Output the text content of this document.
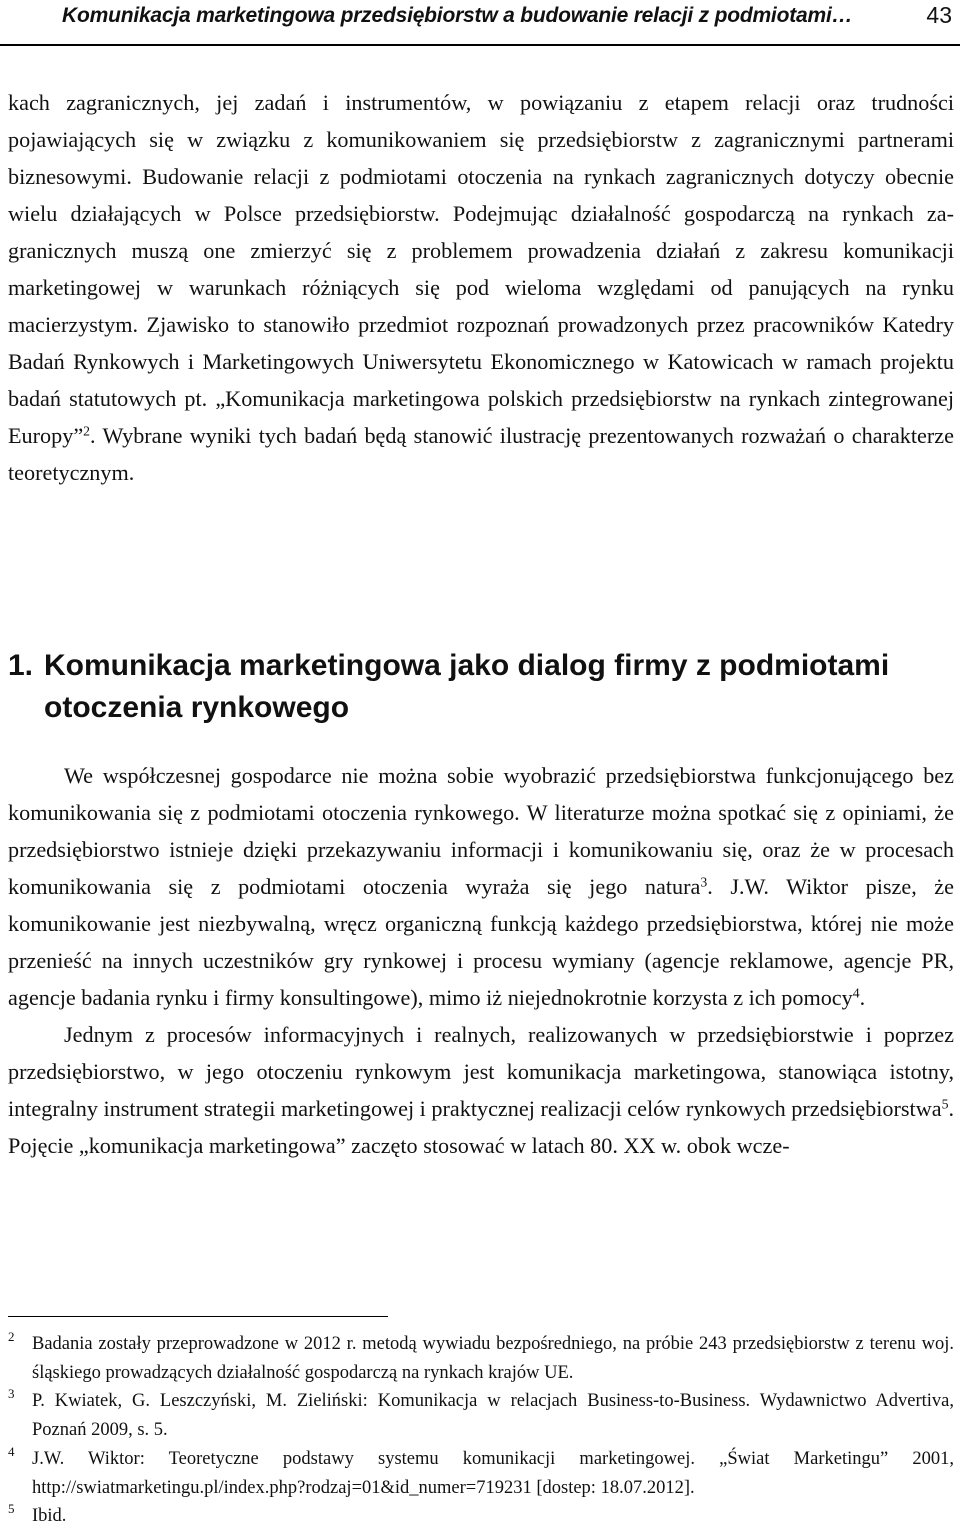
Komunikacja marketingowa przedsiębiorstw a budowanie relacji z podmiotami…	43

kach zagranicznych, jej zadań i instrumentów, w powiązaniu z etapem relacji oraz trudności pojawiających się w związku z komunikowaniem się przedsiębiorstw z zagranicznymi partnerami biznesowymi. Budowanie relacji z podmiotami otoczenia na rynkach zagranicznych dotyczy obecnie wielu działających w Polsce przedsiębiorstw. Podejmując działalność gospodarczą na rynkach zagranicznych muszą one zmierzyć się z problemem prowadzenia działań z zakresu komunikacji marketingowej w warunkach różniących się pod wieloma względami od panujących na rynku macierzystym. Zjawisko to stanowiło przedmiot rozpoznań prowadzonych przez pracowników Katedry Badań Rynkowych i Marketingowych Uniwersytetu Ekonomicznego w Katowicach w ramach projektu badań statutowych pt. „Komunikacja marketingowa polskich przedsiębiorstw na rynkach zintegrowanej Europy”$^2$. Wybrane wyniki tych badań będą stanowić ilustrację prezentowanych rozważań o charakterze teoretycznym.

1. Komunikacja marketingowa jako dialog firmy z podmiotami
otoczenia rynkowego

We współczesnej gospodarce nie można sobie wyobrazić przedsiębiorstwa funkcjonującego bez komunikowania się z podmiotami otoczenia rynkowego. W literaturze można spotkać się z opiniami, że przedsiębiorstwo istnieje dzięki przekazywaniu informacji i komunikowaniu się, oraz że w procesach komunikowania się z podmiotami otoczenia wyraża się jego natura$^3$. J.W. Wiktor pisze, że komunikowanie jest niezbywalną, wręcz organiczną funkcją każdego przedsiębiorstwa, której nie może przenieść na innych uczestników gry rynkowej i procesu wymiany (agencje reklamowe, agencje PR, agencje badania rynku i firmy konsultingowe), mimo iż niejednokrotnie korzysta z ich pomocy$^4$.

Jednym z procesów informacyjnych i realnych, realizowanych w przedsiębiorstwie i poprzez przedsiębiorstwo, w jego otoczeniu rynkowym jest komunikacja marketingowa, stanowiąca istotny, integralny instrument strategii marketingowej i praktycznej realizacji celów rynkowych przedsiębiorstwa$^5$. Pojęcie „komunikacja marketingowa” zaczęto stosować w latach 80. XX w. obok wcze-

2 Badania zostały przeprowadzone w 2012 r. metodą wywiadu bezpośredniego, na próbie 243 przedsiębiorstw z terenu woj. śląskiego prowadzących działalność gospodarczą na rynkach krajów UE.
3 P. Kwiatek, G. Leszczyński, M. Zieliński: Komunikacja w relacjach Business-to-Business. Wydawnictwo Advertiva, Poznań 2009, s. 5.
4 J.W. Wiktor: Teoretyczne podstawy systemu komunikacji marketingowej. „Świat Marketingu” 2001, http://swiatmarketingu.pl/index.php?rodzaj=01&id_numer=719231 [dostep: 18.07.2012].
5 Ibid.
